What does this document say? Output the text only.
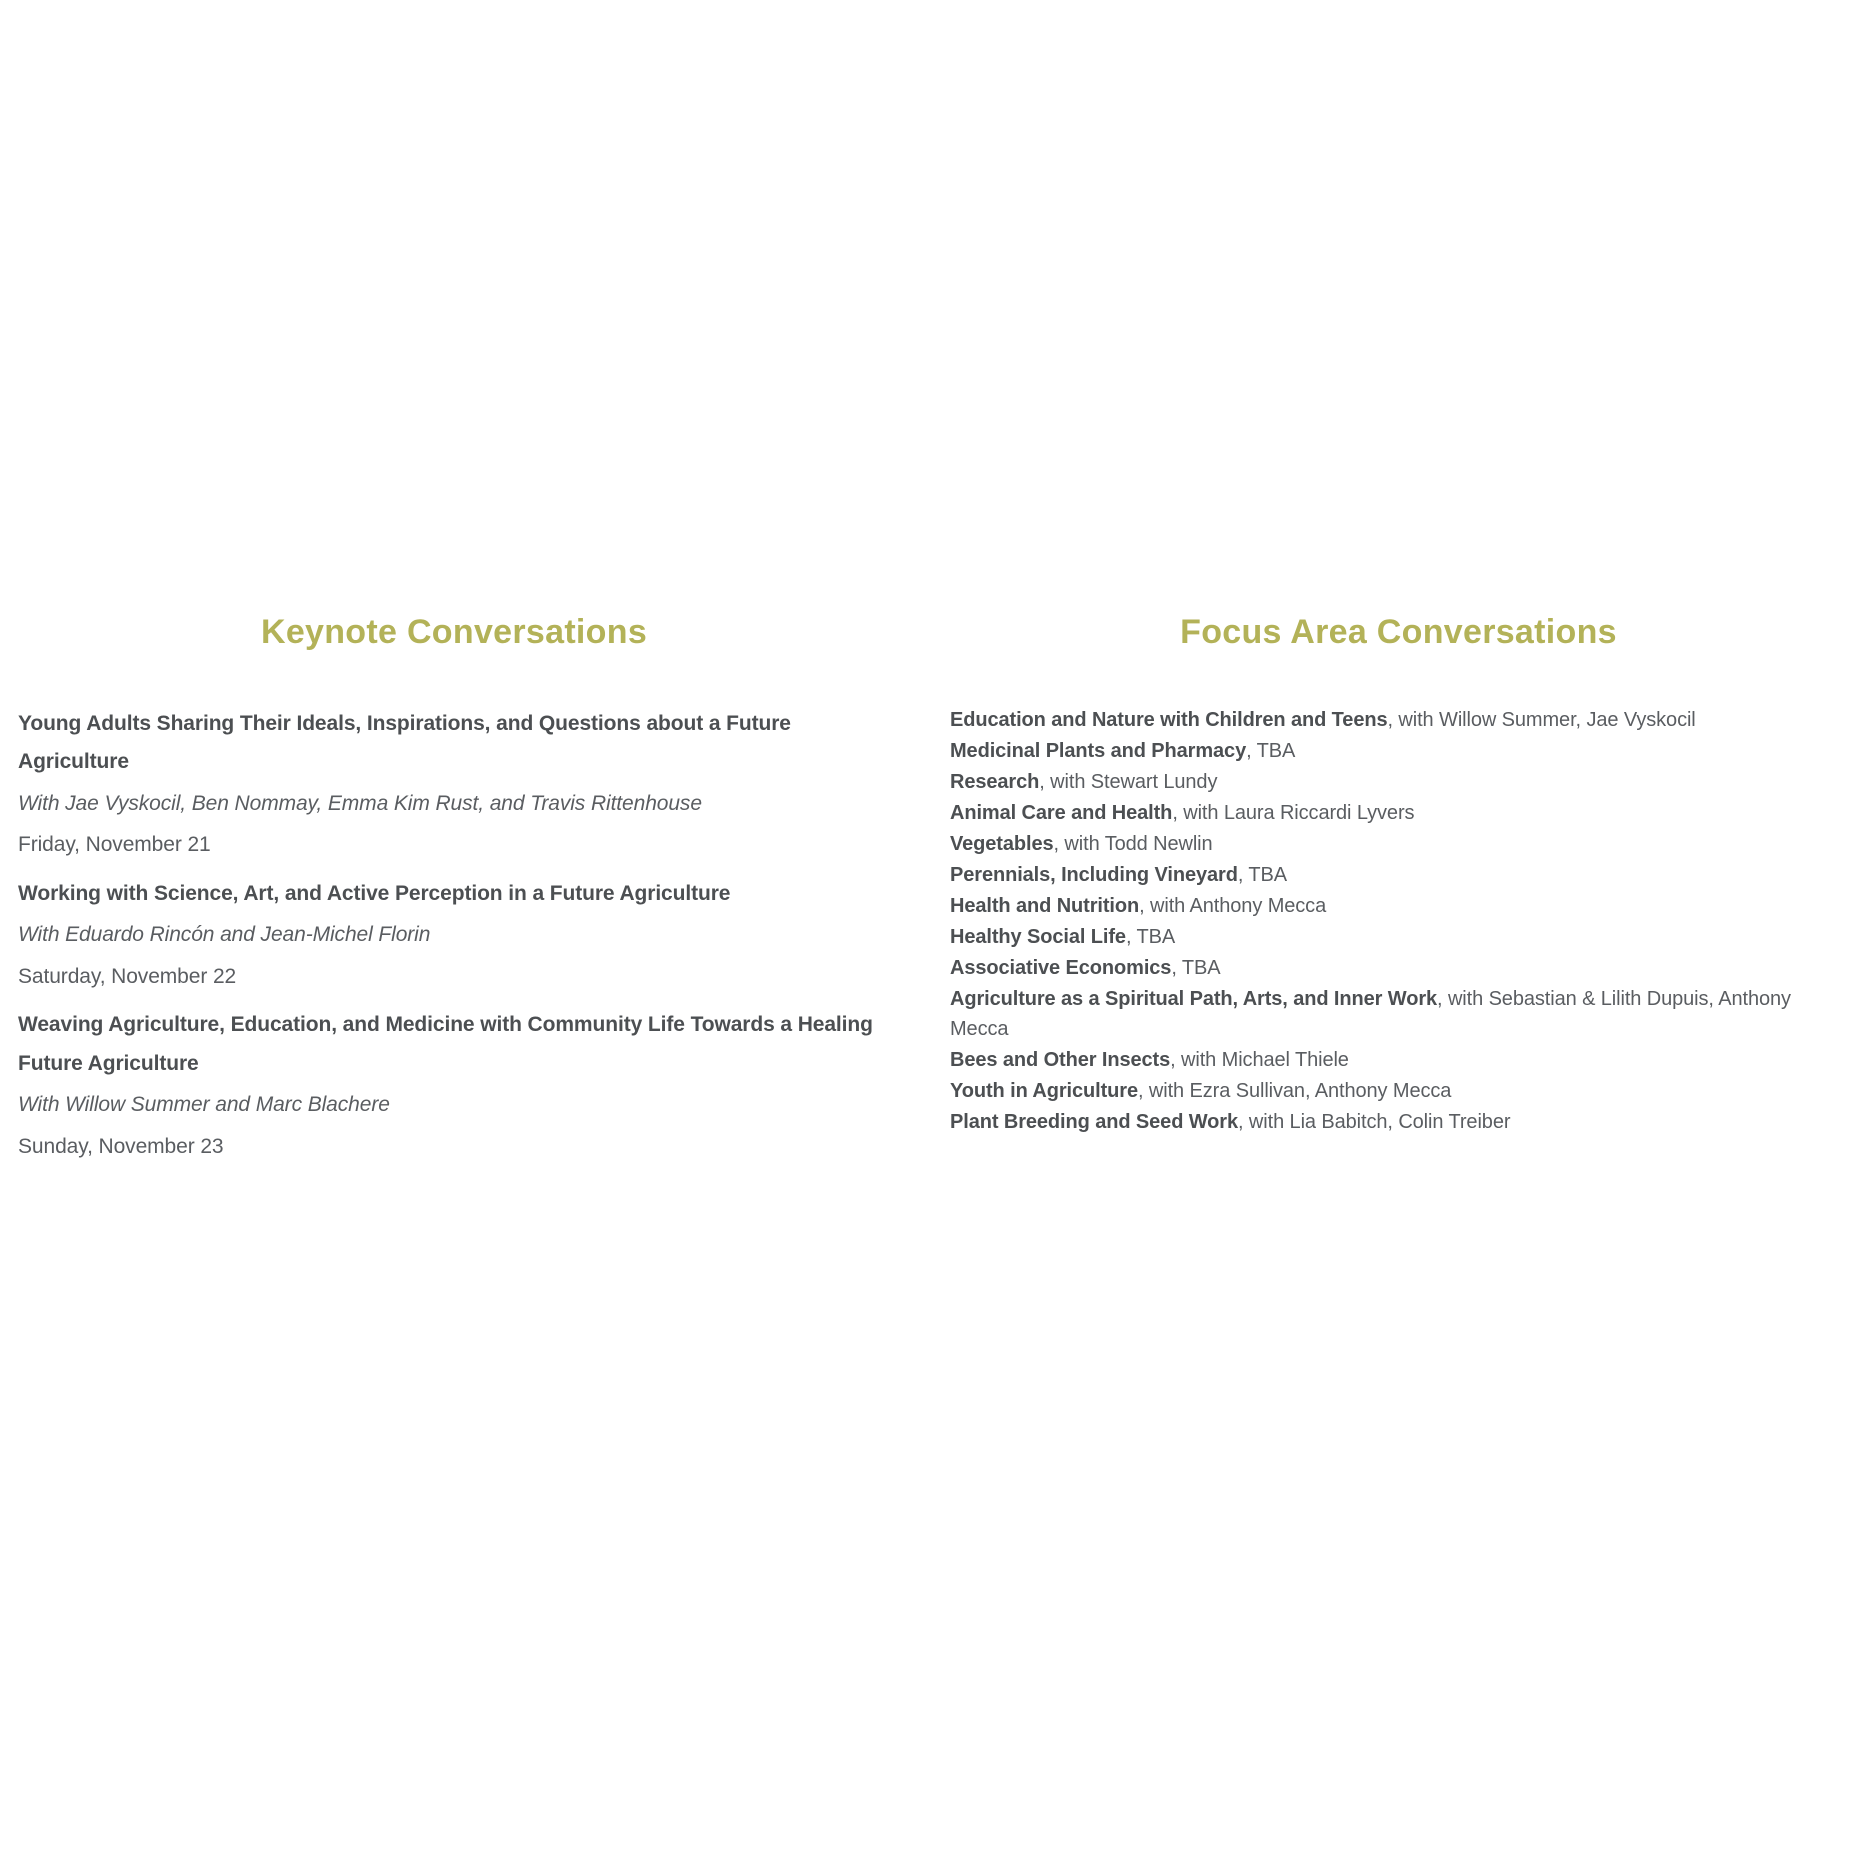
Keynote Conversations

Young Adults Sharing Their Ideals, Inspirations, and Questions about a Future Agriculture

With Jae Vyskocil, Ben Nommay, Emma Kim Rust, and Travis Rittenhouse

Friday, November 21

Working with Science, Art, and Active Perception in a Future Agriculture

With Eduardo Rincón and Jean-Michel Florin

Saturday, November 22

Weaving Agriculture, Education, and Medicine with Community Life Towards a Healing Future Agriculture

With Willow Summer and Marc Blachere

Sunday, November 23

Focus Area Conversations
Education and Nature with Children and Teens, with Willow Summer, Jae Vyskocil
Medicinal Plants and Pharmacy, TBA
Research, with Stewart Lundy
Animal Care and Health, with Laura Riccardi Lyvers
Vegetables, with Todd Newlin
Perennials, Including Vineyard, TBA
Health and Nutrition, with Anthony Mecca
Healthy Social Life, TBA
Associative Economics, TBA
Agriculture as a Spiritual Path, Arts, and Inner Work, with Sebastian & Lilith Dupuis, Anthony Mecca
Bees and Other Insects, with Michael Thiele
Youth in Agriculture, with Ezra Sullivan, Anthony Mecca
Plant Breeding and Seed Work, with Lia Babitch, Colin Treiber
